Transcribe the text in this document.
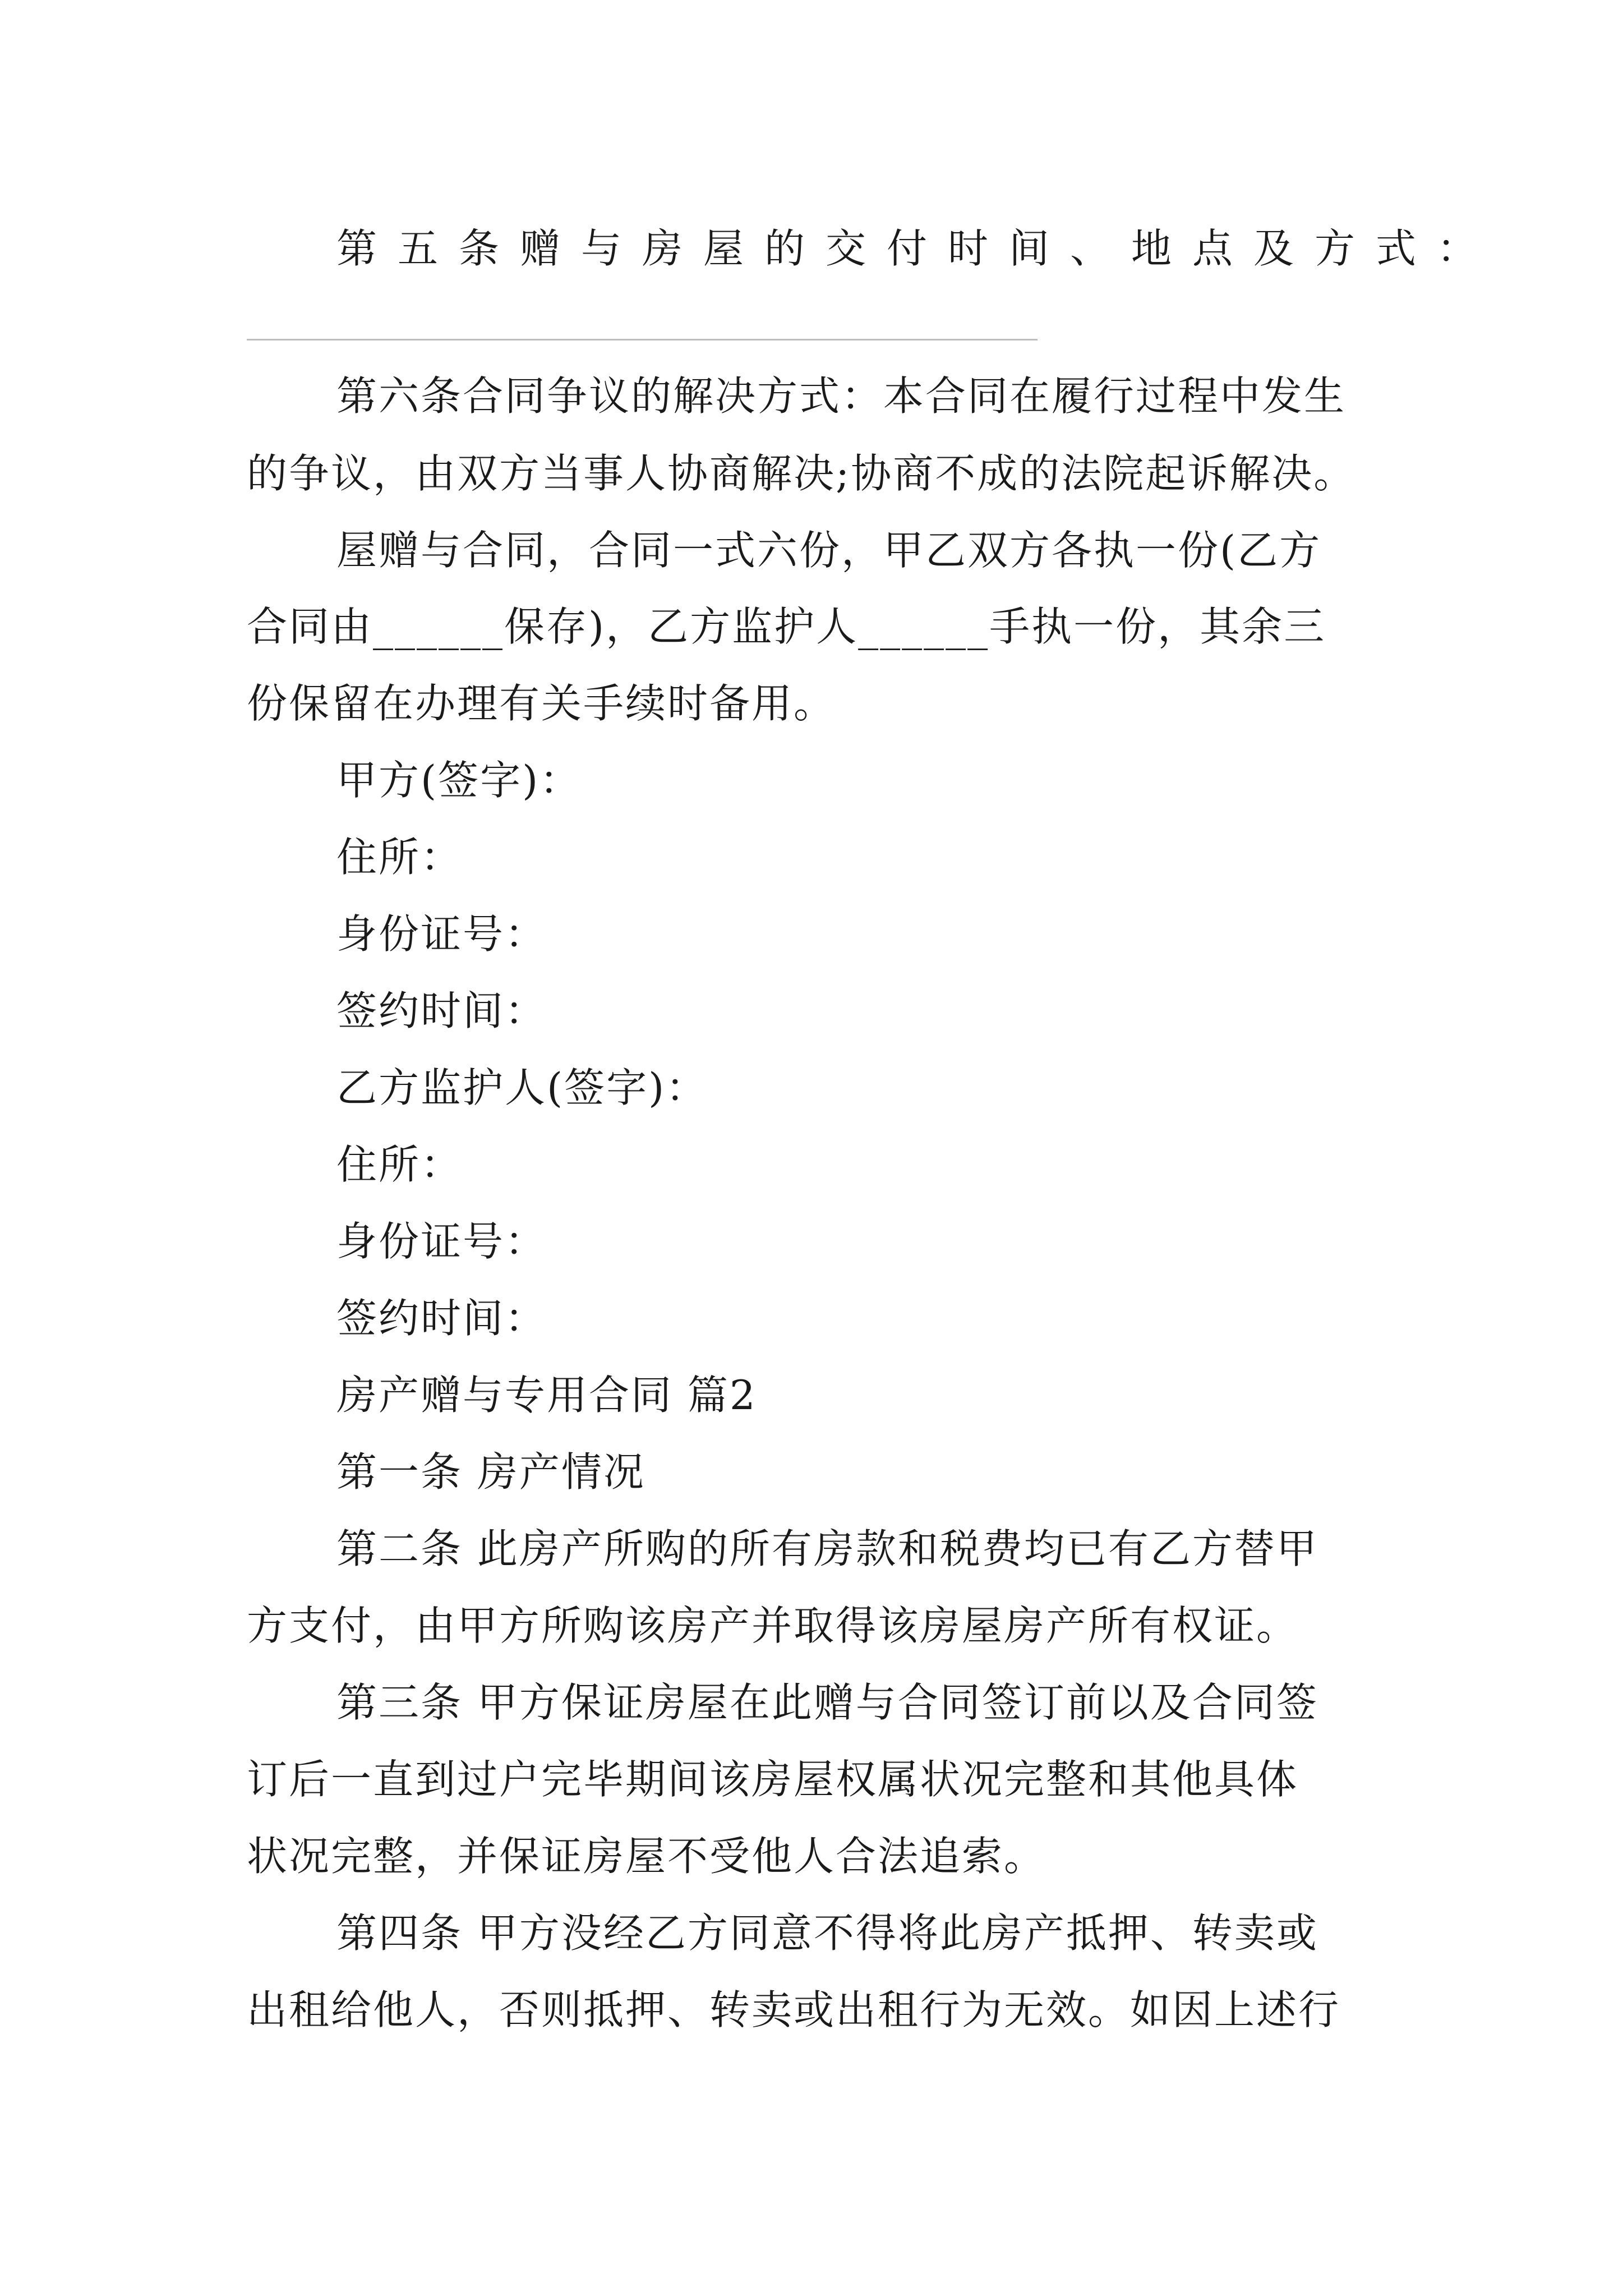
第五条赠与房屋的交付时间、地点及方式：
第六条合同争议的解决方式：本合同在履行过程中发生
的争议，由双方当事人协商解决;协商不成的法院起诉解决。
屋赠与合同，合同一式六份，甲乙双方各执一份(乙方
合同由______保存)，乙方监护人______手执一份，其余三
份保留在办理有关手续时备用。
甲方(签字)：
住所：
身份证号：
签约时间：
乙方监护人(签字)：
住所：
身份证号：
签约时间：
房产赠与专用合同 篇2
第一条 房产情况
第二条 此房产所购的所有房款和税费均已有乙方替甲
方支付，由甲方所购该房产并取得该房屋房产所有权证。
第三条 甲方保证房屋在此赠与合同签订前以及合同签
订后一直到过户完毕期间该房屋权属状况完整和其他具体
状况完整，并保证房屋不受他人合法追索。
第四条 甲方没经乙方同意不得将此房产抵押、转卖或
出租给他人，否则抵押、转卖或出租行为无效。如因上述行
